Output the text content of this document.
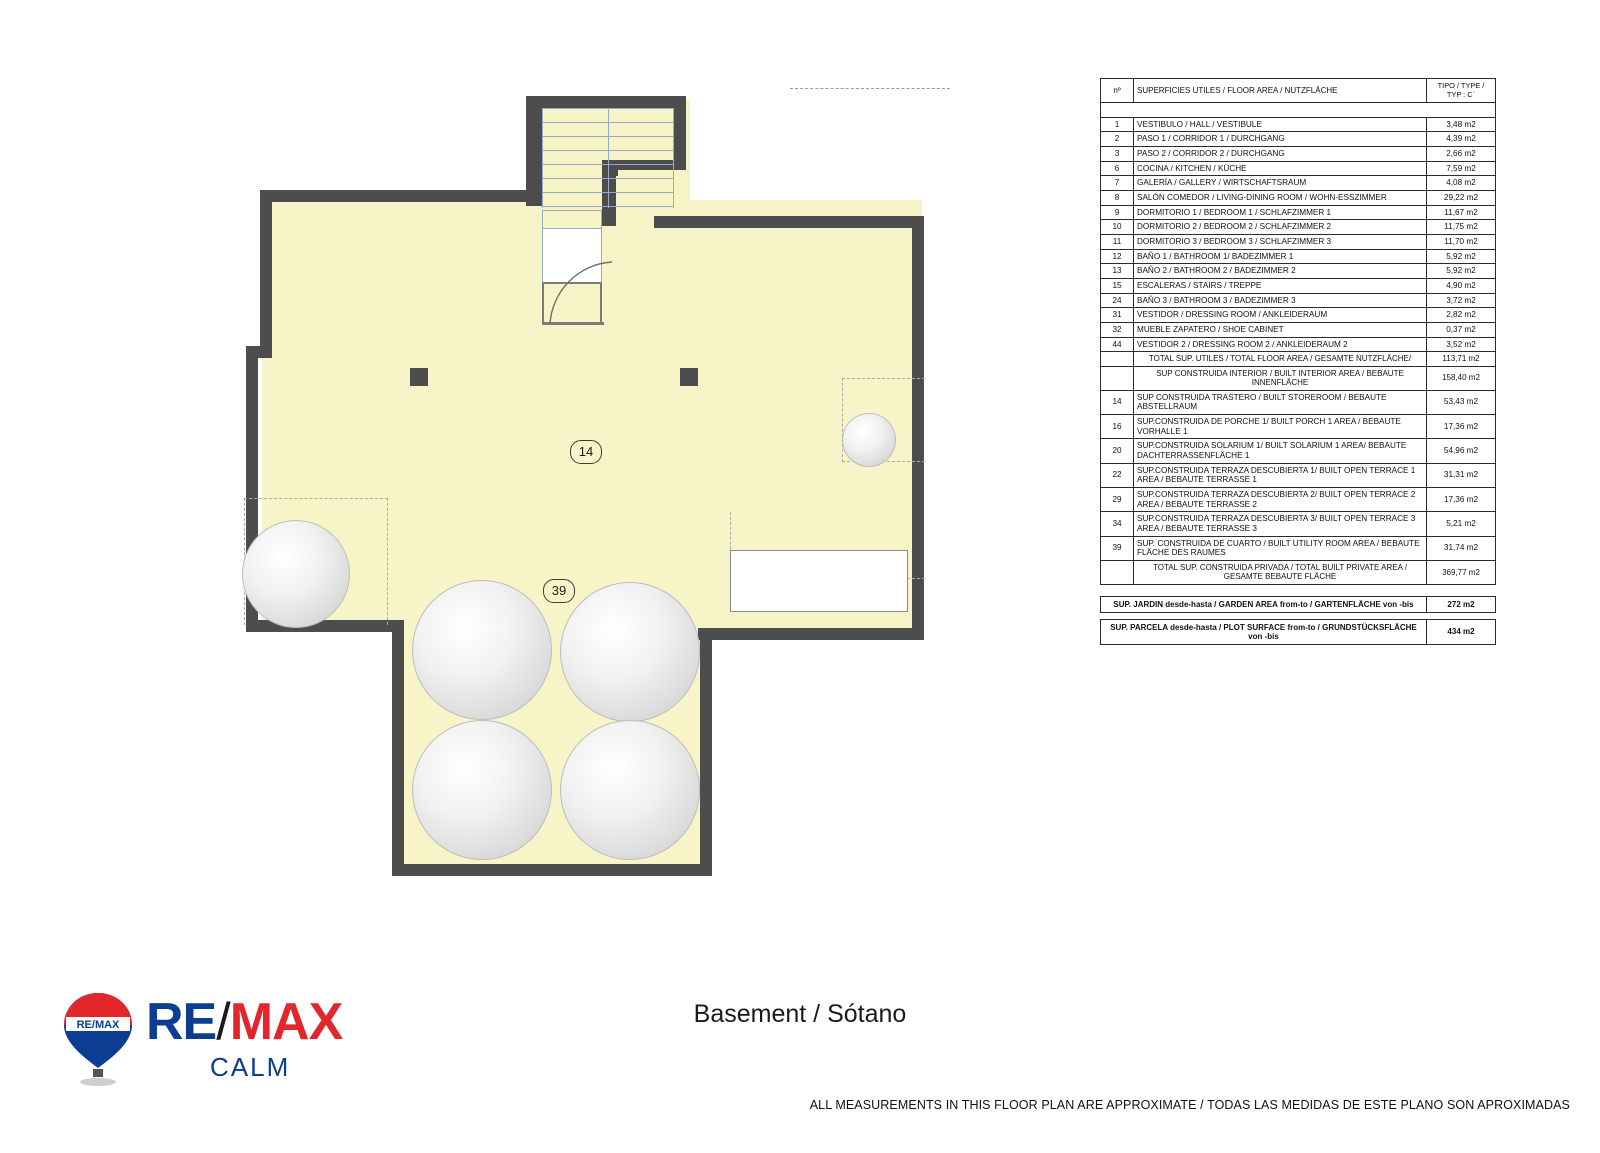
14
39
nº	SUPERFICIES UTILES / FLOOR AREA / NUTZFLÄCHE	TIPO / TYPE / TYP : C`

1	VESTIBULO / HALL / VESTIBULE	3,48 m2
2	PASO 1 / CORRIDOR 1 / DURCHGANG	4,39 m2
3	PASO 2 / CORRIDOR 2 / DURCHGANG	2,66 m2
6	COCINA / KITCHEN / KÜCHE	7,59 m2
7	GALERÍA / GALLERY / WIRTSCHAFTSRAUM	4,08 m2
8	SALÓN COMEDOR / LIVING-DINING ROOM / WOHN-ESSZIMMER	29,22 m2
9	DORMITORIO 1 / BEDROOM 1 / SCHLAFZIMMER 1	11,67 m2
10	DORMITORIO 2 / BEDROOM 2 / SCHLAFZIMMER 2	11,75 m2
11	DORMITORIO 3 / BEDROOM 3 / SCHLAFZIMMER 3	11,70 m2
12	BAÑO 1 / BATHROOM 1/ BADEZIMMER 1	5,92 m2
13	BAÑO 2 / BATHROOM 2 / BADEZIMMER 2	5,92 m2
15	ESCALERAS / STAIRS / TREPPE	4,90 m2
24	BAÑO 3 / BATHROOM 3 / BADEZIMMER 3	3,72 m2
31	VESTIDOR / DRESSING ROOM / ANKLEIDERAUM	2,82 m2
32	MUEBLE ZAPATERO / SHOE CABINET	0,37 m2
44	VESTIDOR 2 / DRESSING ROOM 2 / ANKLEIDERAUM 2	3,52 m2
	TOTAL SUP. UTILES / TOTAL FLOOR AREA / GESAMTE NUTZFLÄCHE/	113,71 m2
	SUP CONSTRUIDA INTERIOR / BUILT INTERIOR AREA / BEBAUTE INNENFLÄCHE	158,40 m2
14	SUP CONSTRUIDA TRASTERO / BUILT STOREROOM / BEBAUTE ABSTELLRAUM	53,43 m2
16	SUP.CONSTRUIDA DE PORCHE 1/ BUILT PORCH 1 AREA / BEBAUTE VORHALLE 1	17,36 m2
20	SUP.CONSTRUIDA SOLARIUM 1/ BUILT SOLARIUM 1 AREA/ BEBAUTE DACHTERRASSENFLÄCHE 1	54,96 m2
22	SUP.CONSTRUIDA TERRAZA DESCUBIERTA 1/ BUILT OPEN TERRACE 1 AREA / BEBAUTE TERRASSE 1	31,31 m2
29	SUP.CONSTRUIDA TERRAZA DESCUBIERTA 2/ BUILT OPEN TERRACE 2 AREA / BEBAUTE TERRASSE 2	17,36 m2
34	SUP.CONSTRUIDA TERRAZA DESCUBIERTA 3/ BUILT OPEN TERRACE 3 AREA / BEBAUTE TERRASSE 3	5,21 m2
39	SUP. CONSTRUIDA DE CUARTO / BUILT UTILITY ROOM AREA / BEBAUTE FLÄCHE DES RAUMES	31,74 m2
	TOTAL SUP. CONSTRUIDA PRIVADA / TOTAL BUILT PRIVATE AREA / GESAMTE BEBAUTE FLÄCHE	369,77 m2
SUP. JARDIN desde-hasta / GARDEN AREA from-to / GARTENFLÄCHE von -bis	272 m2
SUP. PARCELA desde-hasta / PLOT SURFACE from-to / GRUNDSTÜCKSFLÄCHE von -bis	434 m2
Basement / Sótano
ALL MEASUREMENTS IN THIS FLOOR PLAN ARE APPROXIMATE / TODAS LAS MEDIDAS DE ESTE PLANO SON APROXIMADAS
RE/MAX RE/MAX
CALM
